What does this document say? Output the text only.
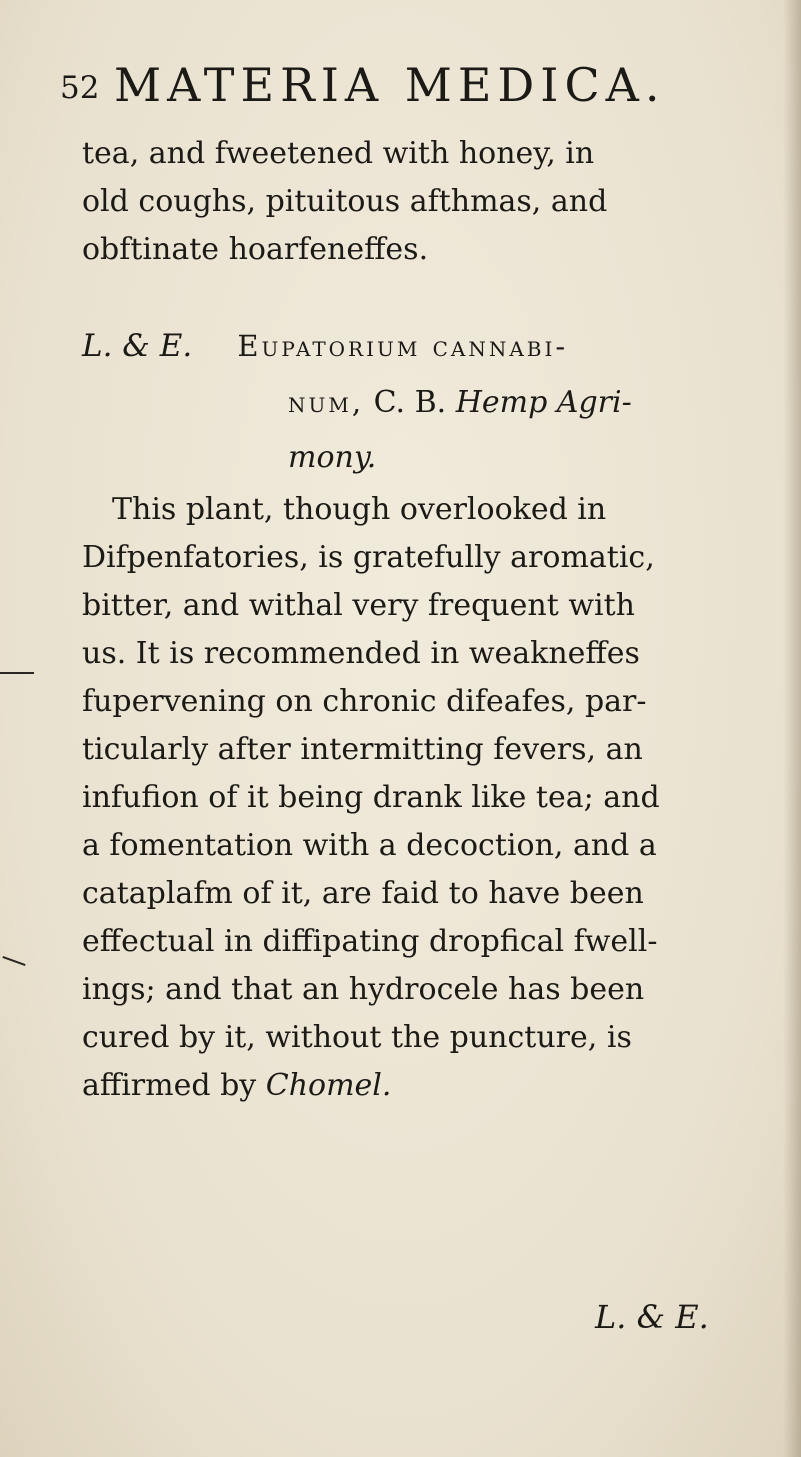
52 MATERIA MEDICA.
tea, and fweetened with honey, in
old coughs, pituitous afthmas, and
obftinate hoarfeneffes.
L. & E. Eupatorium cannabi-
num, C. B. Hemp Agri-
mony.
This plant, though overlooked in
Difpenfatories, is gratefully aromatic,
bitter, and withal very frequent with
us. It is recommended in weakneffes
fupervening on chronic difeafes, par-
ticularly after intermitting fevers, an
infufion of it being drank like tea; and
a fomentation with a decoction, and a
cataplafm of it, are faid to have been
effectual in diffipating dropfical fwell-
ings; and that an hydrocele has been
cured by it, without the puncture, is
affirmed by Chomel.
L. & E.
